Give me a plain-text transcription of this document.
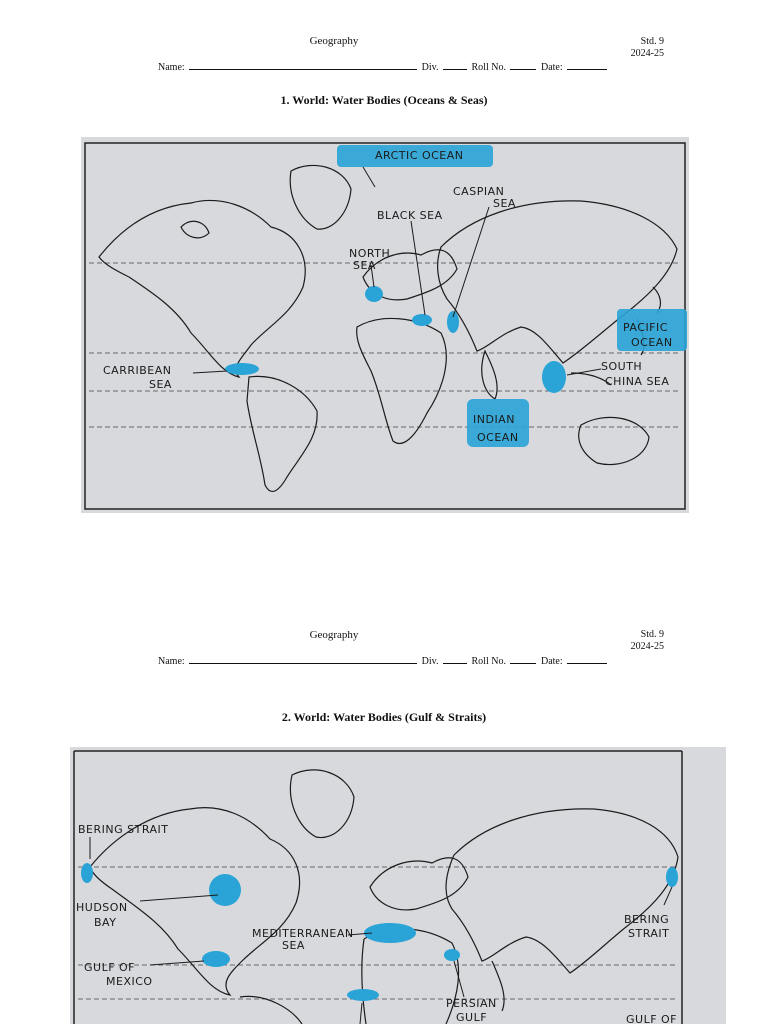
Geography	Std. 9
2024-25
Name:	Div.	Roll No.	Date:
1. World: Water Bodies (Oceans & Seas)
ARCTIC OCEAN
CASPIAN
SEA
BLACK SEA
NORTH
SEA
PACIFIC
OCEAN
CARRIBEAN
SEA
SOUTH
CHINA SEA
INDIAN
OCEAN
Geography	Std. 9
2024-25
Name:	Div.	Roll No.	Date:
2. World: Water Bodies (Gulf & Straits)
BERING STRAIT
HUDSON
BAY
MEDITERRANEAN
SEA
GULF OF
MEXICO
BERING
STRAIT
PERSIAN
GULF	GULF OF
